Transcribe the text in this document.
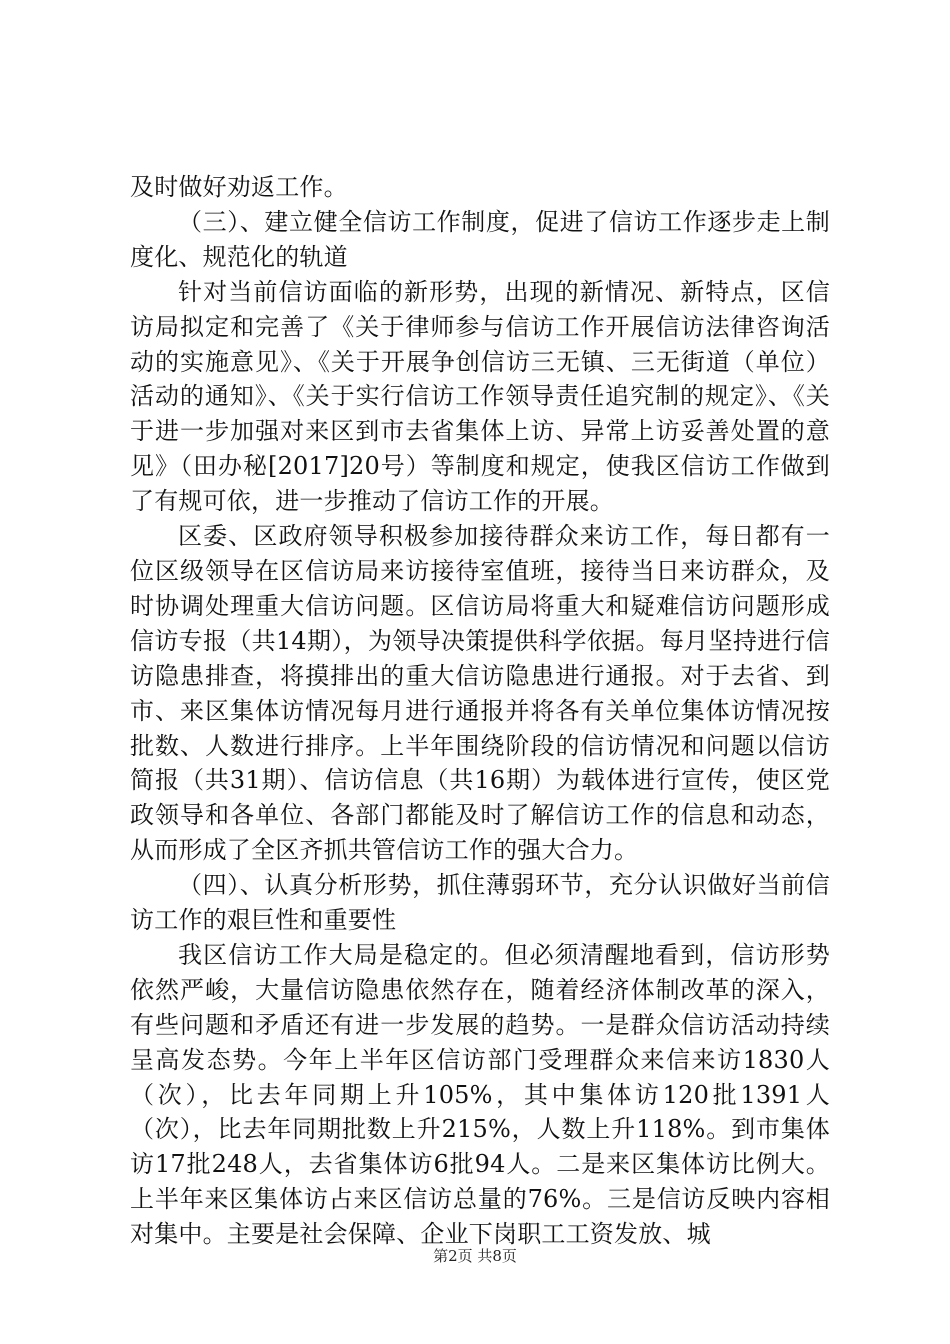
及时做好劝返工作。

（三）、建立健全信访工作制度，促进了信访工作逐步走上制度化、规范化的轨道

针对当前信访面临的新形势，出现的新情况、新特点，区信访局拟定和完善了《关于律师参与信访工作开展信访法律咨询活动的实施意见》、《关于开展争创信访三无镇、三无街道（单位）活动的通知》、《关于实行信访工作领导责任追究制的规定》、《关于进一步加强对来区到市去省集体上访、异常上访妥善处置的意见》（田办秘[2017]20号）等制度和规定，使我区信访工作做到了有规可依，进一步推动了信访工作的开展。

区委、区政府领导积极参加接待群众来访工作，每日都有一位区级领导在区信访局来访接待室值班，接待当日来访群众，及时协调处理重大信访问题。区信访局将重大和疑难信访问题形成信访专报（共14期），为领导决策提供科学依据。每月坚持进行信访隐患排查，将摸排出的重大信访隐患进行通报。对于去省、到市、来区集体访情况每月进行通报并将各有关单位集体访情况按批数、人数进行排序。上半年围绕阶段的信访情况和问题以信访简报（共31期）、信访信息（共16期）为载体进行宣传，使区党政领导和各单位、各部门都能及时了解信访工作的信息和动态，从而形成了全区齐抓共管信访工作的强大合力。

（四）、认真分析形势，抓住薄弱环节，充分认识做好当前信访工作的艰巨性和重要性

我区信访工作大局是稳定的。但必须清醒地看到，信访形势依然严峻，大量信访隐患依然存在，随着经济体制改革的深入，有些问题和矛盾还有进一步发展的趋势。一是群众信访活动持续呈高发态势。今年上半年区信访部门受理群众来信来访1830人（次），比去年同期上升105%，其中集体访120批1391人（次），比去年同期批数上升215%，人数上升118%。到市集体访17批248人，去省集体访6批94人。二是来区集体访比例大。上半年来区集体访占来区信访总量的76%。三是信访反映内容相对集中。主要是社会保障、企业下岗职工工资发放、城

第2页 共8页
